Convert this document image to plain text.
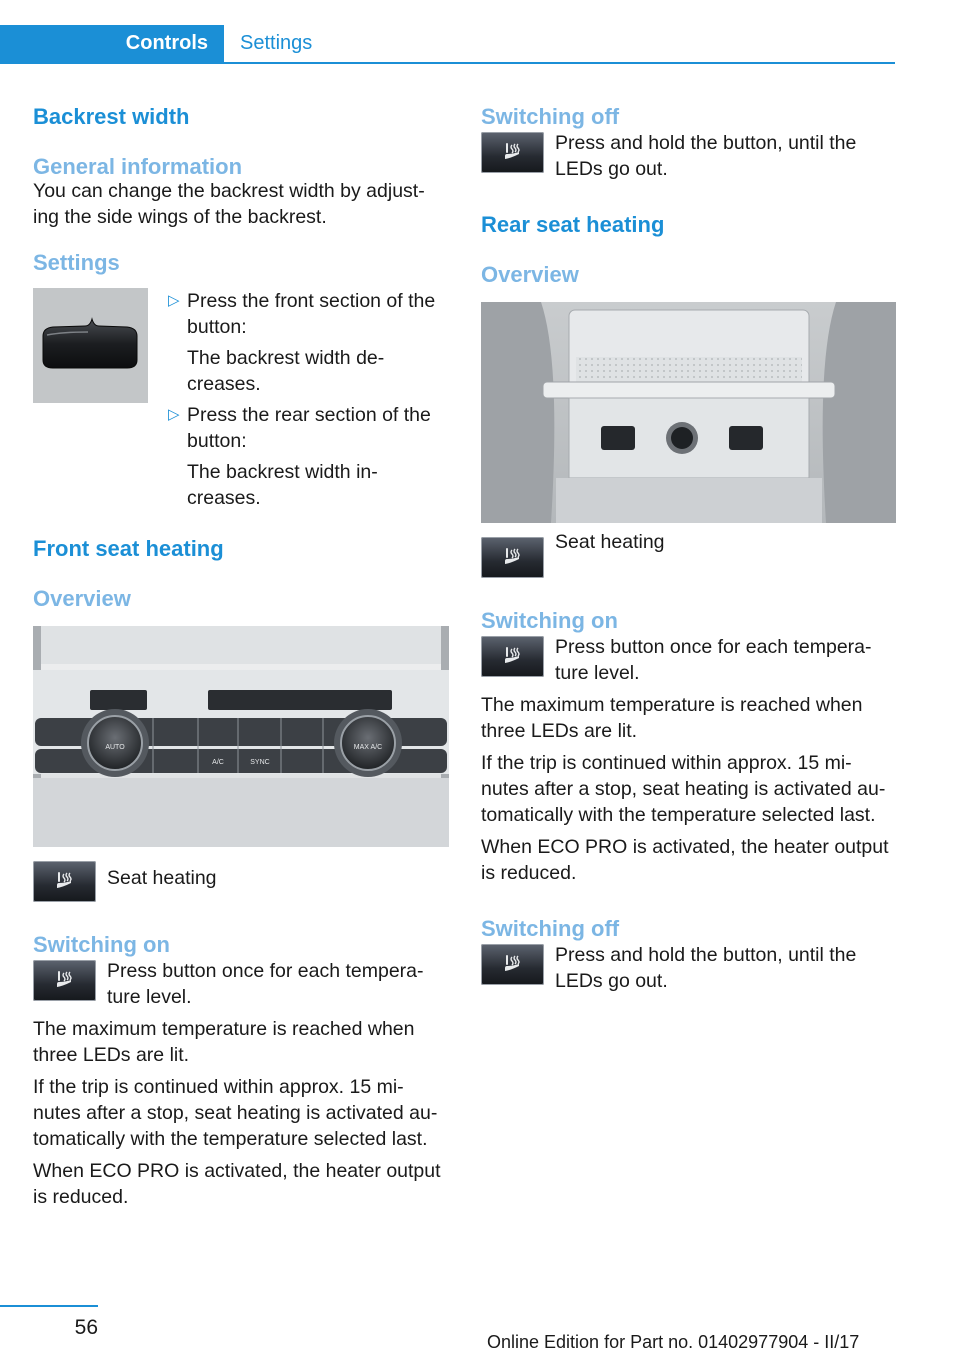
Controls	Settings
Backrest width
General information

You can change the backrest width by adjust‐ing the side wings of the backrest.

Settings
▷ Press the front section of the button:

The backrest width de‐creases.

▷ Press the rear section of the button:

The backrest width in‐creases.

Front seat heating
Overview
AUTO	MAX A/C
A/C	SYNC

Seat heating

Switching on

Press button once for each tempera‐ture level.

The maximum temperature is reached when three LEDs are lit.

If the trip is continued within approx. 15 mi‐nutes after a stop, seat heating is activated au‐tomatically with the temperature selected last.

When ECO PRO is activated, the heater output is reduced.

Switching off

Press and hold the button, until the LEDs go out.

Rear seat heating
Overview

Seat heating

Switching on

Press button once for each tempera‐ture level.

The maximum temperature is reached when three LEDs are lit.

If the trip is continued within approx. 15 mi‐nutes after a stop, seat heating is activated au‐tomatically with the temperature selected last.

When ECO PRO is activated, the heater output is reduced.

Switching off

Press and hold the button, until the LEDs go out.

56
Online Edition for Part no. 01402977904 - II/17
